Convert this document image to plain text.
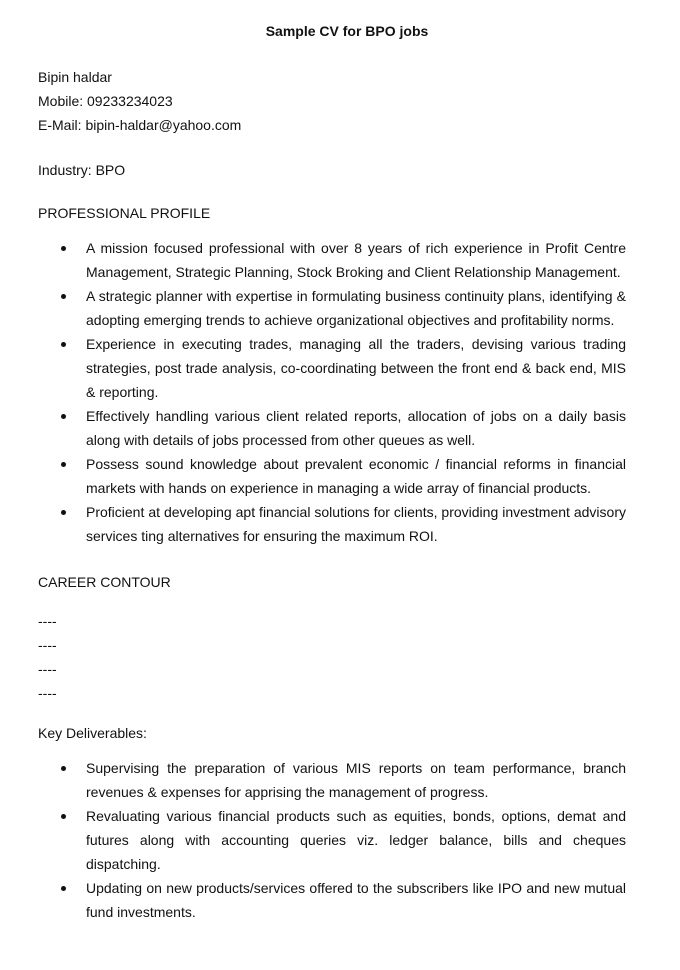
Sample CV for BPO jobs
Bipin haldar
Mobile: 09233234023
E-Mail: bipin-haldar@yahoo.com
Industry: BPO
PROFESSIONAL PROFILE
A mission focused professional with over 8 years of rich experience in Profit Centre Management, Strategic Planning, Stock Broking and Client Relationship Management.
A strategic planner with expertise in formulating business continuity plans, identifying & adopting emerging trends to achieve organizational objectives and profitability norms.
Experience in executing trades, managing all the traders, devising various trading strategies, post trade analysis, co-coordinating between the front end & back end, MIS & reporting.
Effectively handling various client related reports, allocation of jobs on a daily basis along with details of jobs processed from other queues as well.
Possess sound knowledge about prevalent economic / financial reforms in financial markets with hands on experience in managing a wide array of financial products.
Proficient at developing apt financial solutions for clients, providing investment advisory services ting alternatives for ensuring the maximum ROI.
CAREER CONTOUR
----
----
----
----
Key Deliverables:
Supervising the preparation of various MIS reports on team performance, branch revenues & expenses for apprising the management of progress.
Revaluating various financial products such as equities, bonds, options, demat and futures along with accounting queries viz. ledger balance, bills and cheques dispatching.
Updating on new products/services offered to the subscribers like IPO and new mutual fund investments.
